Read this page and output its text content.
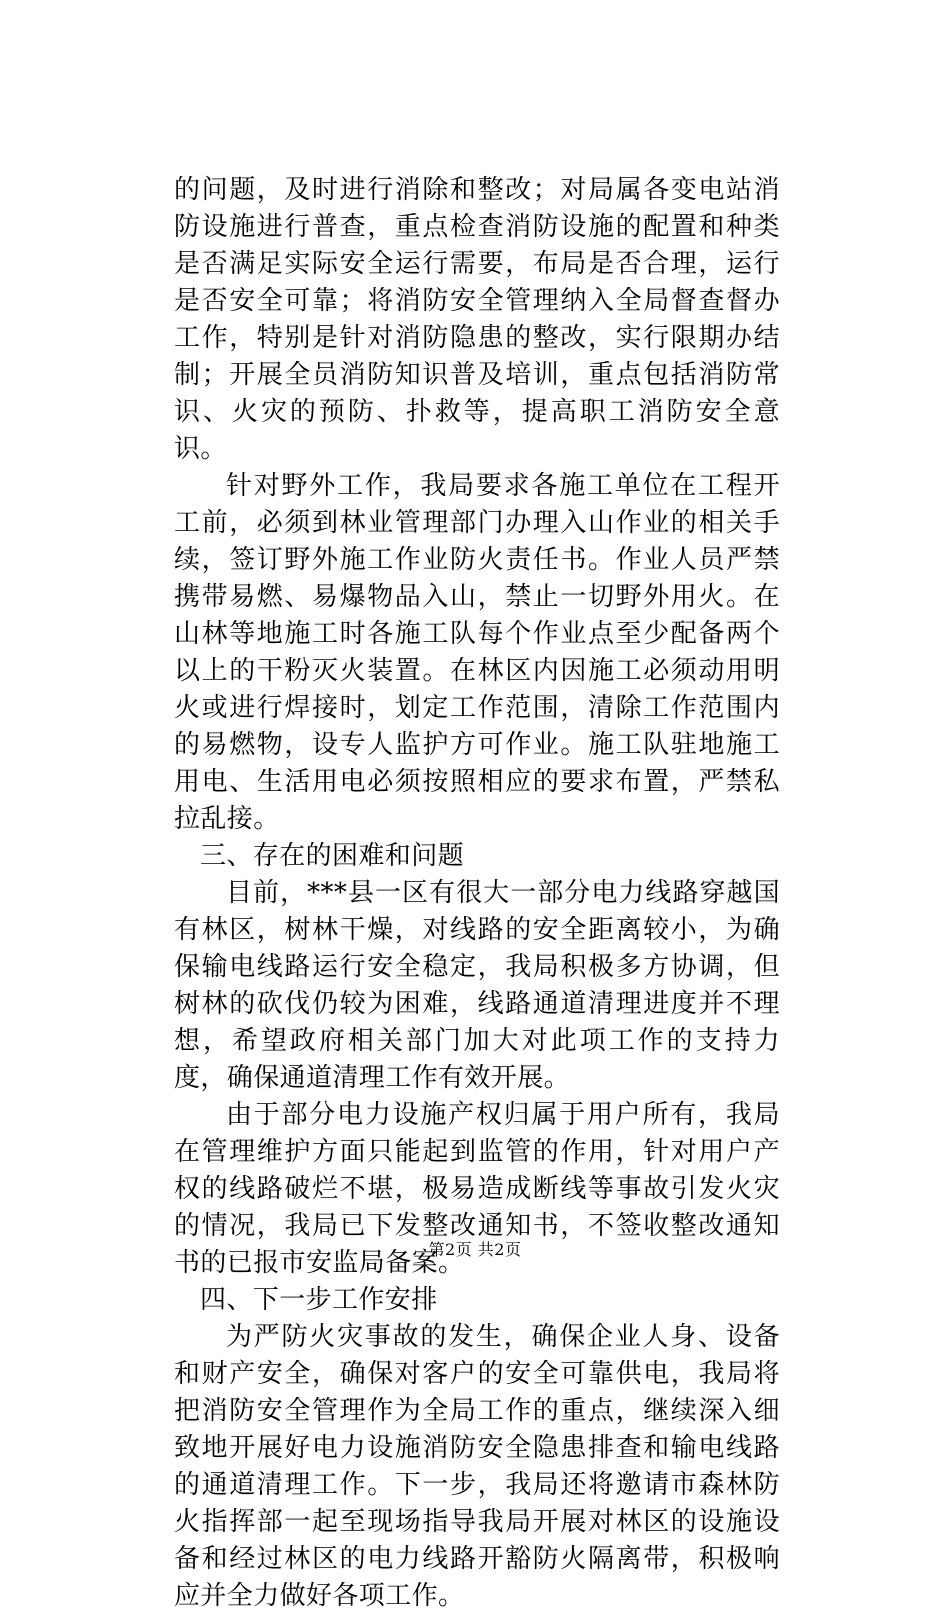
的问题，及时进行消除和整改；对局属各变电站消防设施进行普查，重点检查消防设施的配置和种类是否满足实际安全运行需要，布局是否合理，运行是否安全可靠；将消防安全管理纳入全局督查督办工作，特别是针对消防隐患的整改，实行限期办结制；开展全员消防知识普及培训，重点包括消防常识、火灾的预防、扑救等，提高职工消防安全意识。

针对野外工作，我局要求各施工单位在工程开工前，必须到林业管理部门办理入山作业的相关手续，签订野外施工作业防火责任书。作业人员严禁携带易燃、易爆物品入山，禁止一切野外用火。在山林等地施工时各施工队每个作业点至少配备两个以上的干粉灭火装置。在林区内因施工必须动用明火或进行焊接时，划定工作范围，清除工作范围内的易燃物，设专人监护方可作业。施工队驻地施工用电、生活用电必须按照相应的要求布置，严禁私拉乱接。

三、存在的困难和问题

目前，***县一区有很大一部分电力线路穿越国有林区，树林干燥，对线路的安全距离较小，为确保输电线路运行安全稳定，我局积极多方协调，但树林的砍伐仍较为困难，线路通道清理进度并不理想，希望政府相关部门加大对此项工作的支持力度，确保通道清理工作有效开展。

由于部分电力设施产权归属于用户所有，我局在管理维护方面只能起到监管的作用，针对用户产权的线路破烂不堪，极易造成断线等事故引发火灾的情况，我局已下发整改通知书，不签收整改通知书的已报市安监局备案。

四、下一步工作安排

为严防火灾事故的发生，确保企业人身、设备和财产安全，确保对客户的安全可靠供电，我局将把消防安全管理作为全局工作的重点，继续深入细致地开展好电力设施消防安全隐患排查和输电线路的通道清理工作。下一步，我局还将邀请市森林防火指挥部一起至现场指导我局开展对林区的设施设备和经过林区的电力线路开豁防火隔离带，积极响应并全力做好各项工作。

第2页 共2页
